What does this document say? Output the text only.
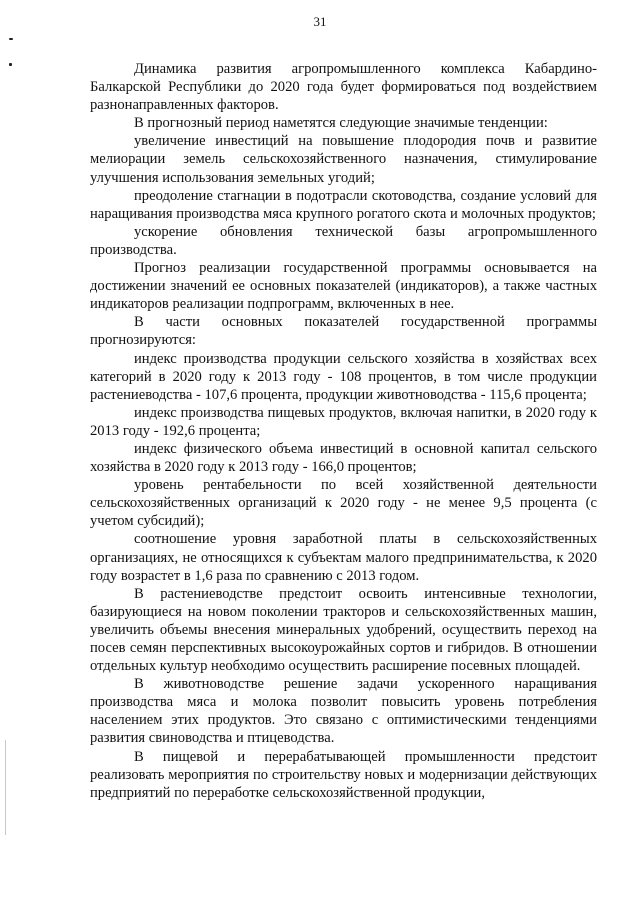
31

Динамика развития агропромышленного комплекса Кабардино-Балкарской Республики до 2020 года будет формироваться под воздействием разнонаправленных факторов.

В прогнозный период наметятся следующие значимые тенденции:

увеличение инвестиций на повышение плодородия почв и развитие мелиорации земель сельскохозяйственного назначения, стимулирование улучшения использования земельных угодий;

преодоление стагнации в подотрасли скотоводства, создание условий для наращивания производства мяса крупного рогатого скота и молочных продуктов;

ускорение обновления технической базы агропромышленного производства.

Прогноз реализации государственной программы основывается на достижении значений ее основных показателей (индикаторов), а также частных индикаторов реализации подпрограмм, включенных в нее.

В части основных показателей государственной программы прогнозируются:

индекс производства продукции сельского хозяйства в хозяйствах всех категорий в 2020 году к 2013 году - 108 процентов, в том числе продукции растениеводства - 107,6 процента, продукции животноводства - 115,6 процента;

индекс производства пищевых продуктов, включая напитки, в 2020 году к 2013 году - 192,6 процента;

индекс физического объема инвестиций в основной капитал сельского хозяйства в 2020 году к 2013 году - 166,0 процентов;

уровень рентабельности по всей хозяйственной деятельности сельскохозяйственных организаций к 2020 году - не менее 9,5 процента (с учетом субсидий);

соотношение уровня заработной платы в сельскохозяйственных организациях, не относящихся к субъектам малого предпринимательства, к 2020 году возрастет в 1,6 раза по сравнению с 2013 годом.

В растениеводстве предстоит освоить интенсивные технологии, базирующиеся на новом поколении тракторов и сельскохозяйственных машин, увеличить объемы внесения минеральных удобрений, осуществить переход на посев семян перспективных высокоурожайных сортов и гибридов. В отношении отдельных культур необходимо осуществить расширение посевных площадей.

В животноводстве решение задачи ускоренного наращивания производства мяса и молока позволит повысить уровень потребления населением этих продуктов. Это связано с оптимистическими тенденциями развития свиноводства и птицеводства.

В пищевой и перерабатывающей промышленности предстоит реализовать мероприятия по строительству новых и модернизации действующих предприятий по переработке сельскохозяйственной продукции,
